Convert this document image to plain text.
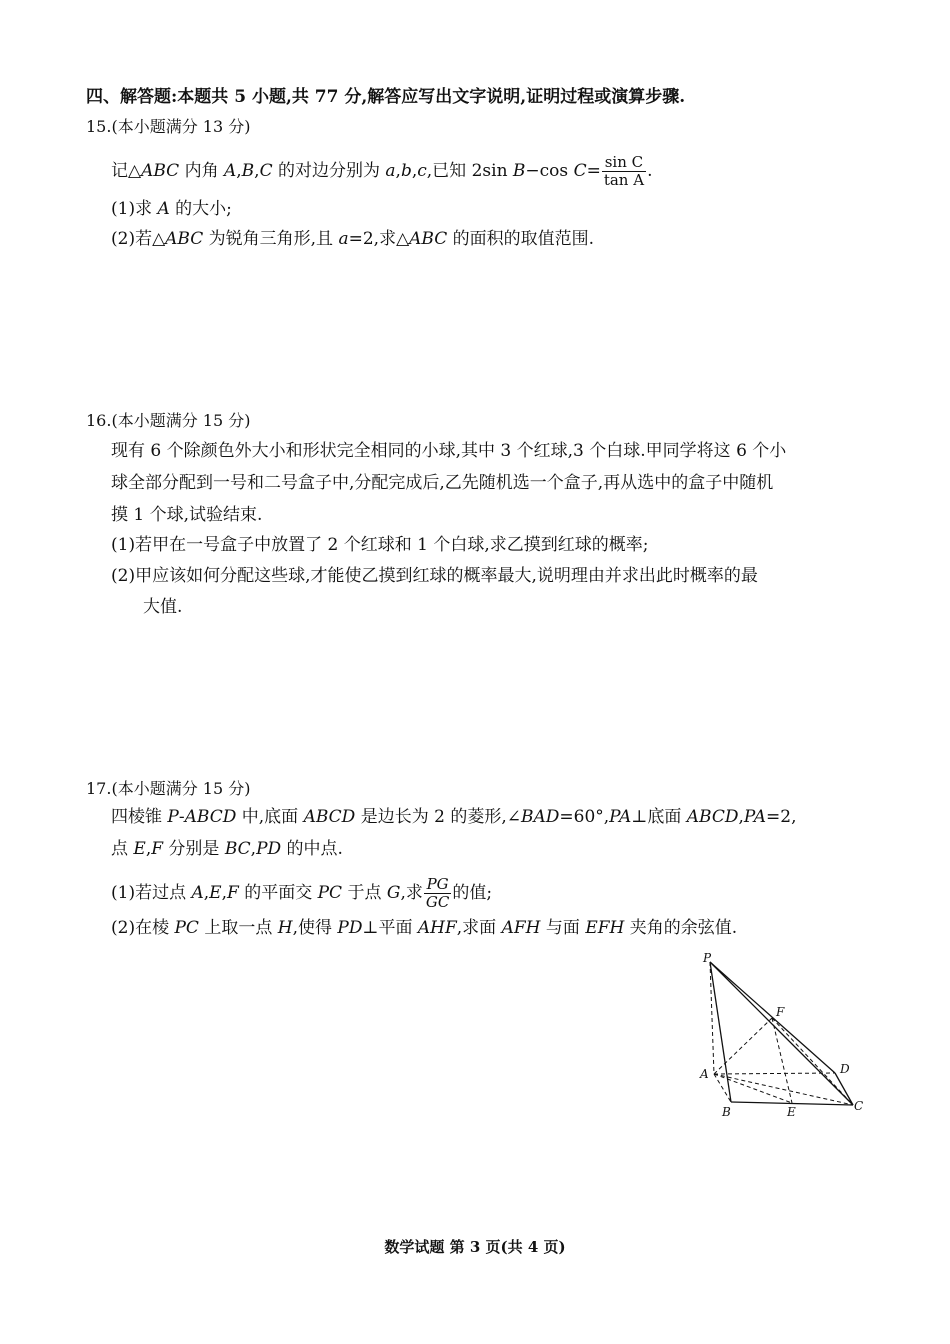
四、解答题:本题共 5 小题,共 77 分,解答应写出文字说明,证明过程或演算步骤.
15.(本小题满分 13 分)
记△ABC 内角 A,B,C 的对边分别为 a,b,c,已知 2sin B−cos $C= \frac{\text{sin C}}{\text{tan A}}$ .
(1)求 A 的大小;
(2)若△ABC 为锐角三角形,且 a=2,求△ABC 的面积的取值范围.
16.(本小题满分 15 分)
现有 6 个除颜色外大小和形状完全相同的小球,其中 3 个红球,3 个白球.甲同学将这 6 个小
球全部分配到一号和二号盒子中,分配完成后,乙先随机选一个盒子,再从选中的盒子中随机
摸 1 个球,试验结束.
(1)若甲在一号盒子中放置了 2 个红球和 1 个白球,求乙摸到红球的概率;
(2)甲应该如何分配这些球,才能使乙摸到红球的概率最大,说明理由并求出此时概率的最
大值.
17.(本小题满分 15 分)
四棱锥 P-ABCD 中,底面 ABCD 是边长为 2 的菱形,∠BAD=60°,PA⊥底面 ABCD,PA=2,
点 E,F 分别是 BC,PD 的中点.
(1)若过点 A,E,F 的平面交 PC 于点 G,求 $\frac{PG}{GC}$ 的值;
(2)在棱 PC 上取一点 H,使得 PD⊥平面 AHF,求面 AFH 与面 EFH 夹角的余弦值.
P
F
A	D
B	E	C
数学试题 第 3 页(共 4 页)
